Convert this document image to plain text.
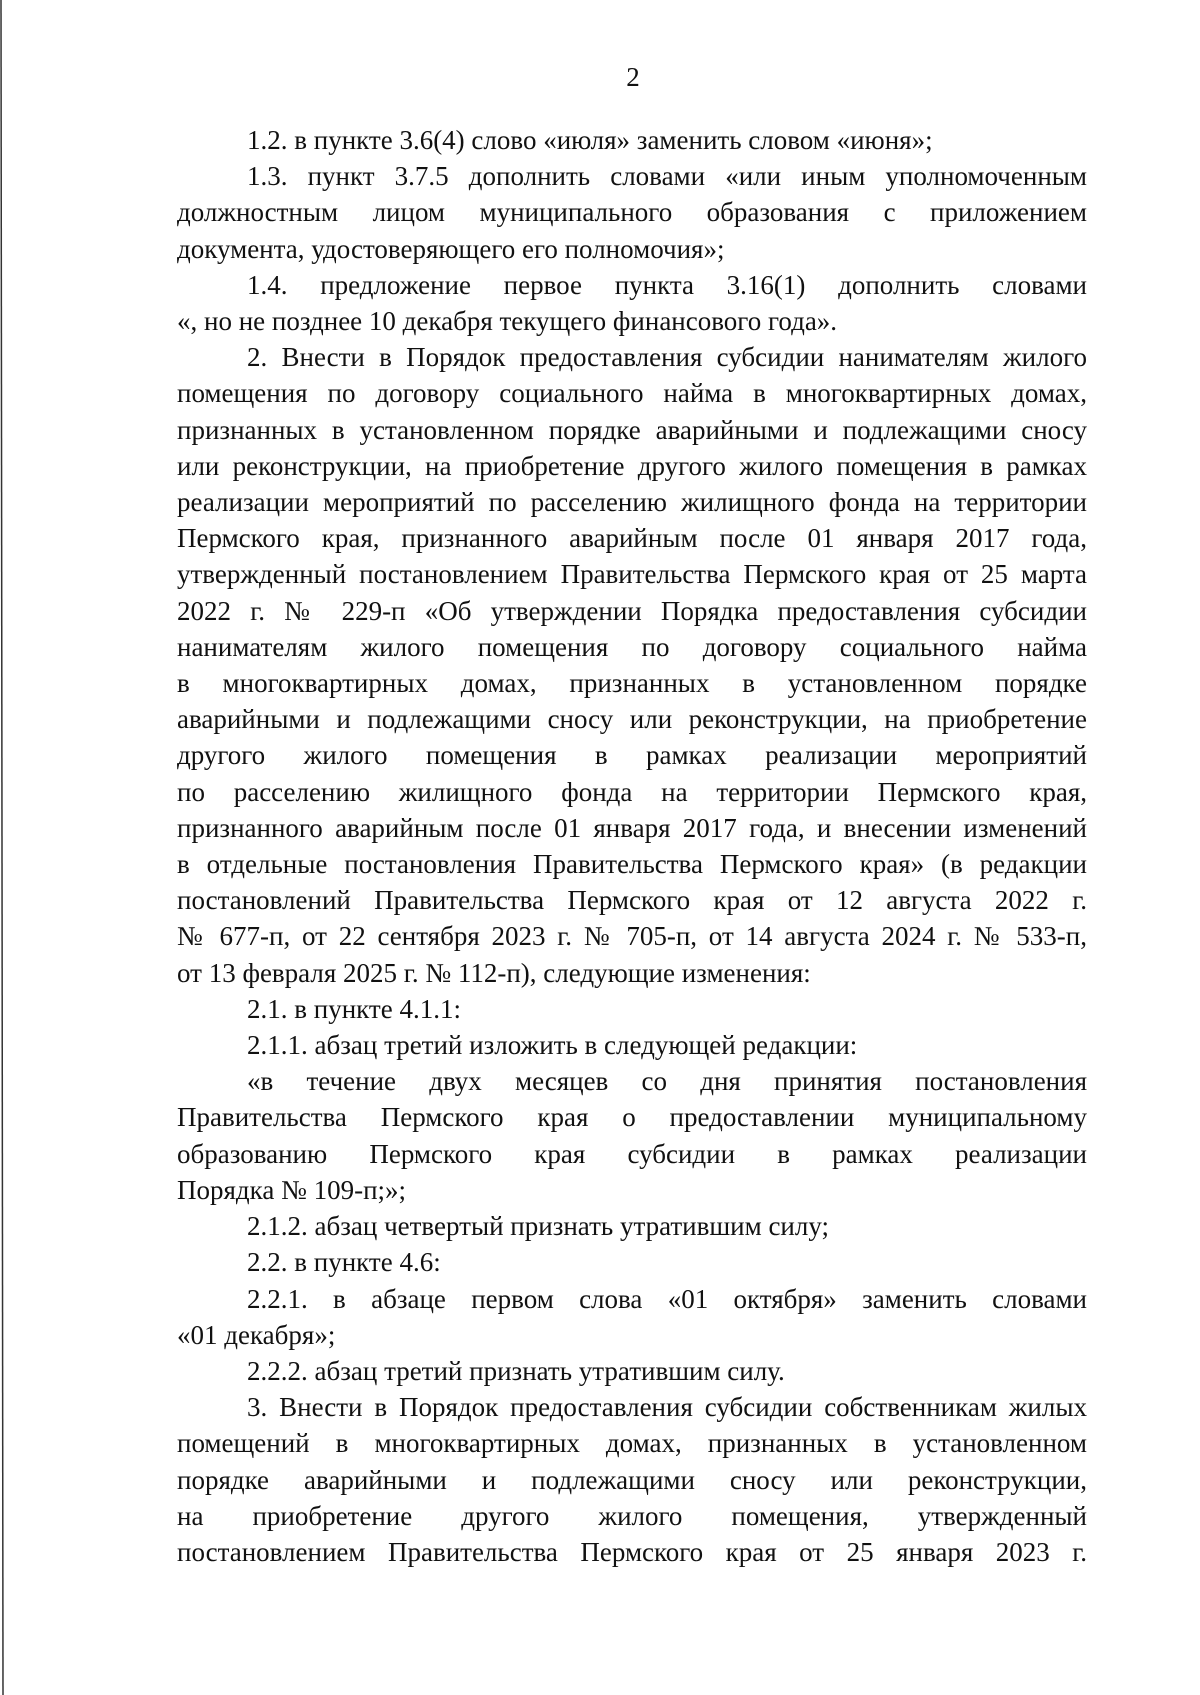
2
1.2. в пункте 3.6(4) слово «июля» заменить словом «июня»;
1.3. пункт 3.7.5 дополнить словами «или иным уполномоченным
должностным лицом муниципального образования с приложением
документа, удостоверяющего его полномочия»;
1.4. предложение первое пункта 3.16(1) дополнить словами
«, но не позднее 10 декабря текущего финансового года».
2. Внести в Порядок предоставления субсидии нанимателям жилого
помещения по договору социального найма в многоквартирных домах,
признанных в установленном порядке аварийными и подлежащими сносу
или реконструкции, на приобретение другого жилого помещения в рамках
реализации мероприятий по расселению жилищного фонда на территории
Пермского края, признанного аварийным после 01 января 2017 года,
утвержденный постановлением Правительства Пермского края от 25 марта
2022 г. № 229-п «Об утверждении Порядка предоставления субсидии
нанимателям жилого помещения по договору социального найма
в многоквартирных домах, признанных в установленном порядке
аварийными и подлежащими сносу или реконструкции, на приобретение
другого жилого помещения в рамках реализации мероприятий
по расселению жилищного фонда на территории Пермского края,
признанного аварийным после 01 января 2017 года, и внесении изменений
в отдельные постановления Правительства Пермского края» (в редакции
постановлений Правительства Пермского края от 12 августа 2022 г.
№ 677-п, от 22 сентября 2023 г. № 705-п, от 14 августа 2024 г. № 533-п,
от 13 февраля 2025 г. № 112-п), следующие изменения:
2.1. в пункте 4.1.1:
2.1.1. абзац третий изложить в следующей редакции:
«в течение двух месяцев со дня принятия постановления
Правительства Пермского края о предоставлении муниципальному
образованию Пермского края субсидии в рамках реализации
Порядка № 109-п;»;
2.1.2. абзац четвертый признать утратившим силу;
2.2. в пункте 4.6:
2.2.1. в абзаце первом слова «01 октября» заменить словами
«01 декабря»;
2.2.2. абзац третий признать утратившим силу.
3. Внести в Порядок предоставления субсидии собственникам жилых
помещений в многоквартирных домах, признанных в установленном
порядке аварийными и подлежащими сносу или реконструкции,
на приобретение другого жилого помещения, утвержденный
постановлением Правительства Пермского края от 25 января 2023 г.
